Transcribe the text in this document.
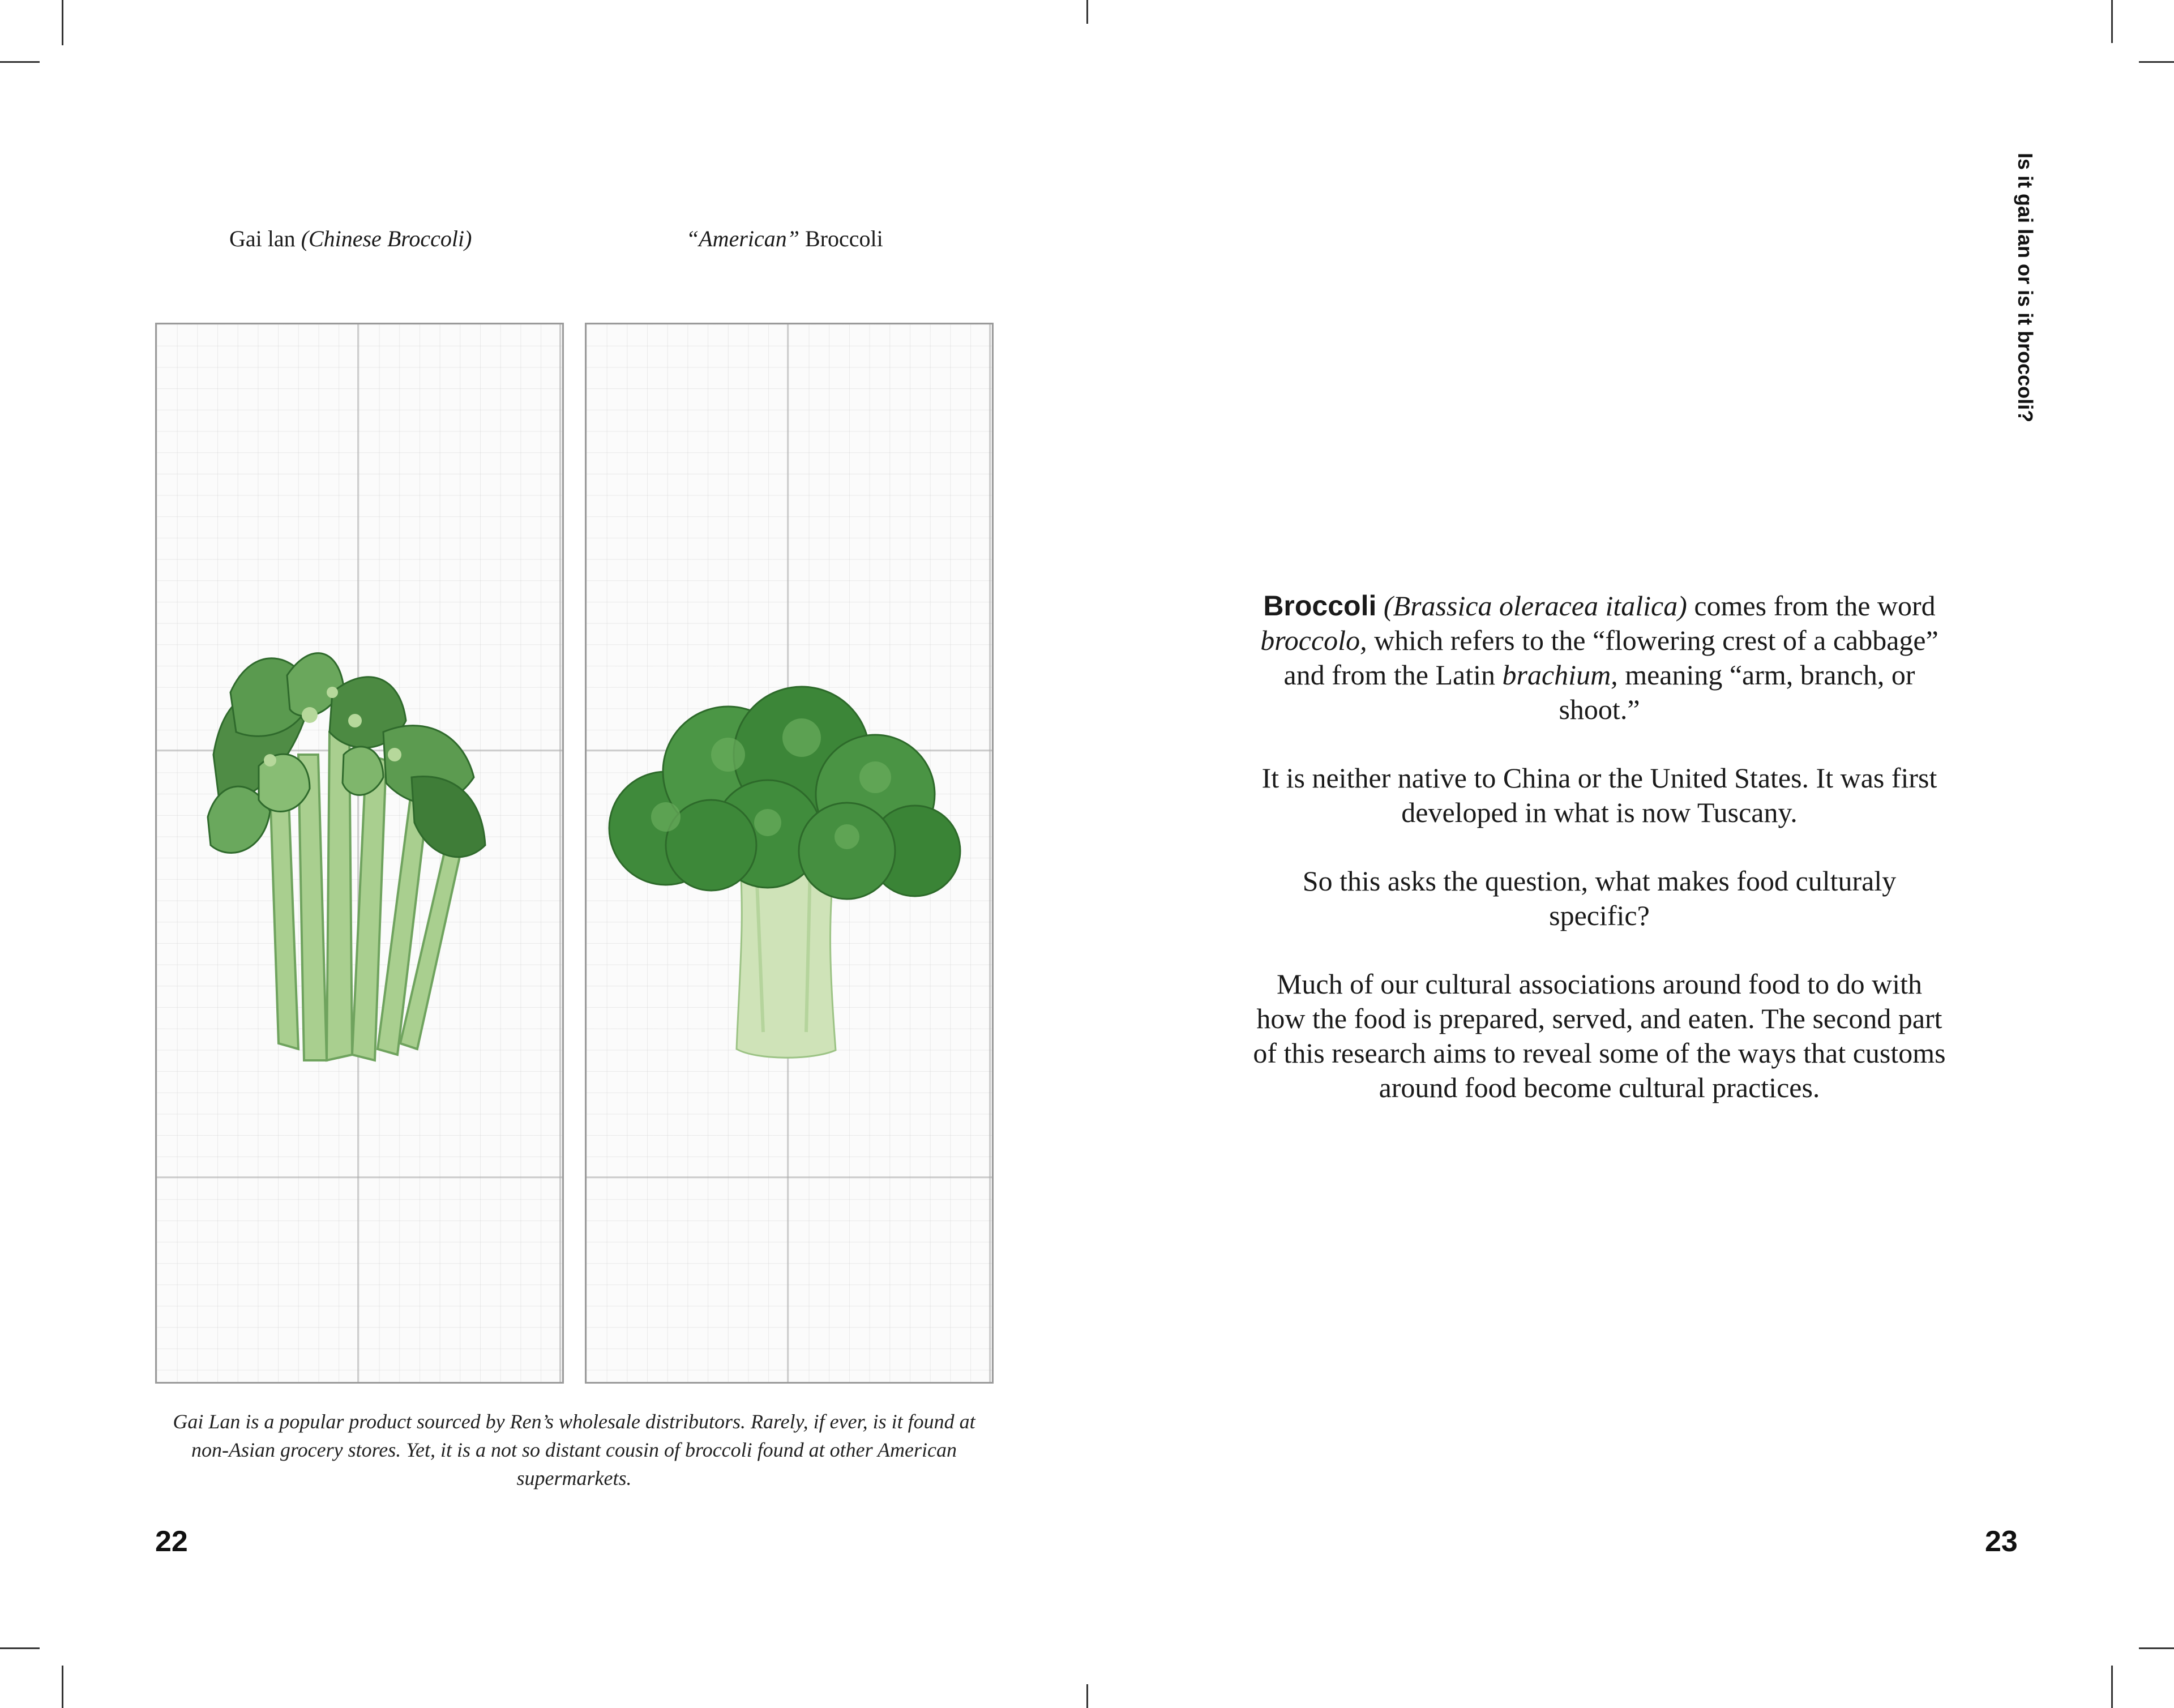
Gai lan (Chinese Broccoli)	“American” Broccoli
Gai Lan is a popular product sourced by Ren’s wholesale distributors. Rarely, if ever, is it found at non-Asian grocery stores. Yet, it is a not so distant cousin of broccoli found at other American supermarkets.
22
Is it gai lan or is it broccoli?

Broccoli (Brassica oleracea italica) comes from the word broccolo, which refers to the “flowering crest of a cabbage” and from the Latin brachium, meaning “arm, branch, or shoot.”

It is neither native to China or the United States. It was first developed in what is now Tuscany.

So this asks the question, what makes food culturaly specific?

Much of our cultural associations around food to do with how the food is prepared, served, and eaten. The second part of this research aims to reveal some of the ways that customs around food become cultural practices.

23
